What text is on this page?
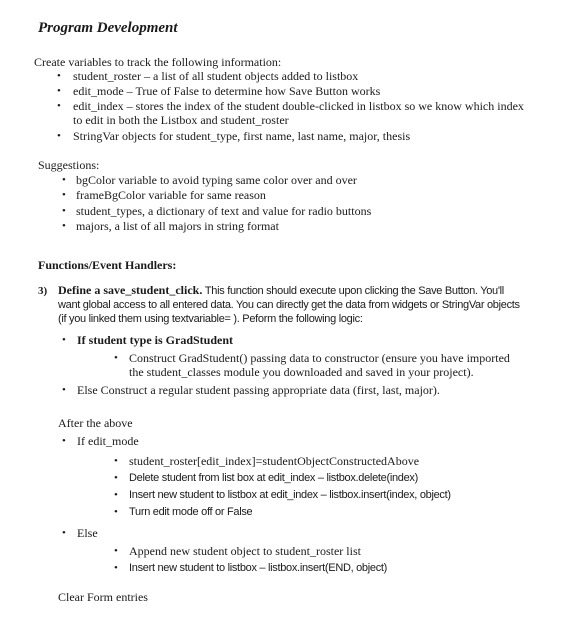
Program Development
Create variables to track the following information:
• student_roster – a list of all student objects added to listbox
• edit_mode – True of False to determine how Save Button works
• edit_index – stores the index of the student double-clicked in listbox so we know which index
to edit in both the Listbox and student_roster
• StringVar objects for student_type, first name, last name, major, thesis
Suggestions:
• bgColor variable to avoid typing same color over and over
• frameBgColor variable for same reason
• student_types, a dictionary of text and value for radio buttons
• majors, a list of all majors in string format
Functions/Event Handlers:
3) Define a save_student_click. This function should execute upon clicking the Save Button. You'll
want global access to all entered data. You can directly get the data from widgets or StringVar objects
(if you linked them using textvariable= ). Peform the following logic:
• If student type is GradStudent
• Construct GradStudent() passing data to constructor (ensure you have imported
the student_classes module you downloaded and saved in your project).
• Else Construct a regular student passing appropriate data (first, last, major).
After the above
• If edit_mode
• student_roster[edit_index]=studentObjectConstructedAbove
• Delete student from list box at edit_index – listbox.delete(index)
• Insert new student to listbox at edit_index – listbox.insert(index, object)
• Turn edit mode off or False
• Else
• Append new student object to student_roster list
• Insert new student to listbox – listbox.insert(END, object)
Clear Form entries
